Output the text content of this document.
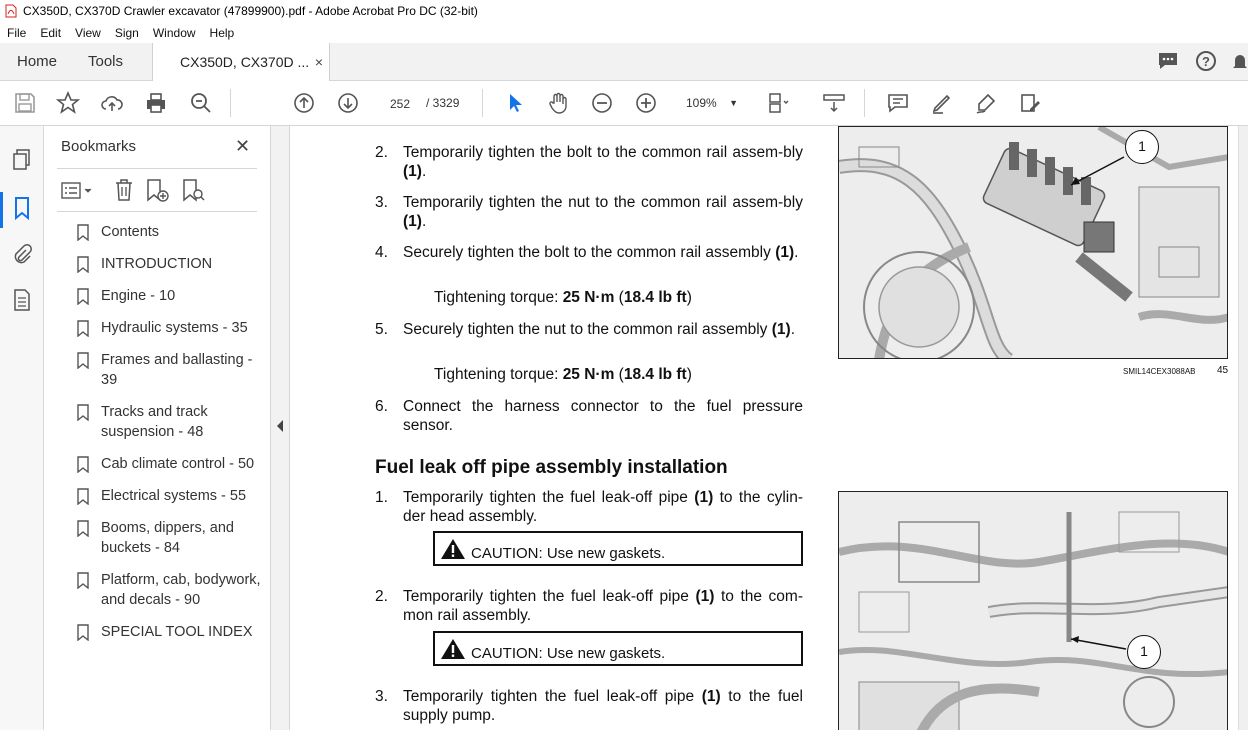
CX350D, CX370D Crawler excavator (47899900).pdf - Adobe Acrobat Pro DC (32-bit)
File	Edit	View	Sign	Window	Help
Home Tools	CX350D, CX370D ... ×	?
252	/ 3329	109% ▼
Bookmarks	✕
Contents
INTRODUCTION
Engine - 10
Hydraulic systems - 35
Frames and ballasting - 39
Tracks and track suspension - 48
Cab climate control - 50
Electrical systems - 55
Booms, dippers, and buckets - 84
Platform, cab, bodywork, and decals - 90
SPECIAL TOOL INDEX
2. Temporarily tighten the bolt to the common rail assem-bly (1).
3. Temporarily tighten the nut to the common rail assem-bly (1).
4. Securely tighten the bolt to the common rail assembly (1).
Tightening torque: 25 N·m (18.4 lb ft)
5. Securely tighten the nut to the common rail assembly (1).
Tightening torque: 25 N·m (18.4 lb ft)
6. Connect the harness connector to the fuel pressure sensor.
Fuel leak off pipe assembly installation
1. Temporarily tighten the fuel leak-off pipe (1) to the cylin-der head assembly.
CAUTION: Use new gaskets.
2. Temporarily tighten the fuel leak-off pipe (1) to the com-mon rail assembly.
CAUTION: Use new gaskets.
3. Temporarily tighten the fuel leak-off pipe (1) to the fuel supply pump.
1
SMIL14CEX3088AB 45
1
